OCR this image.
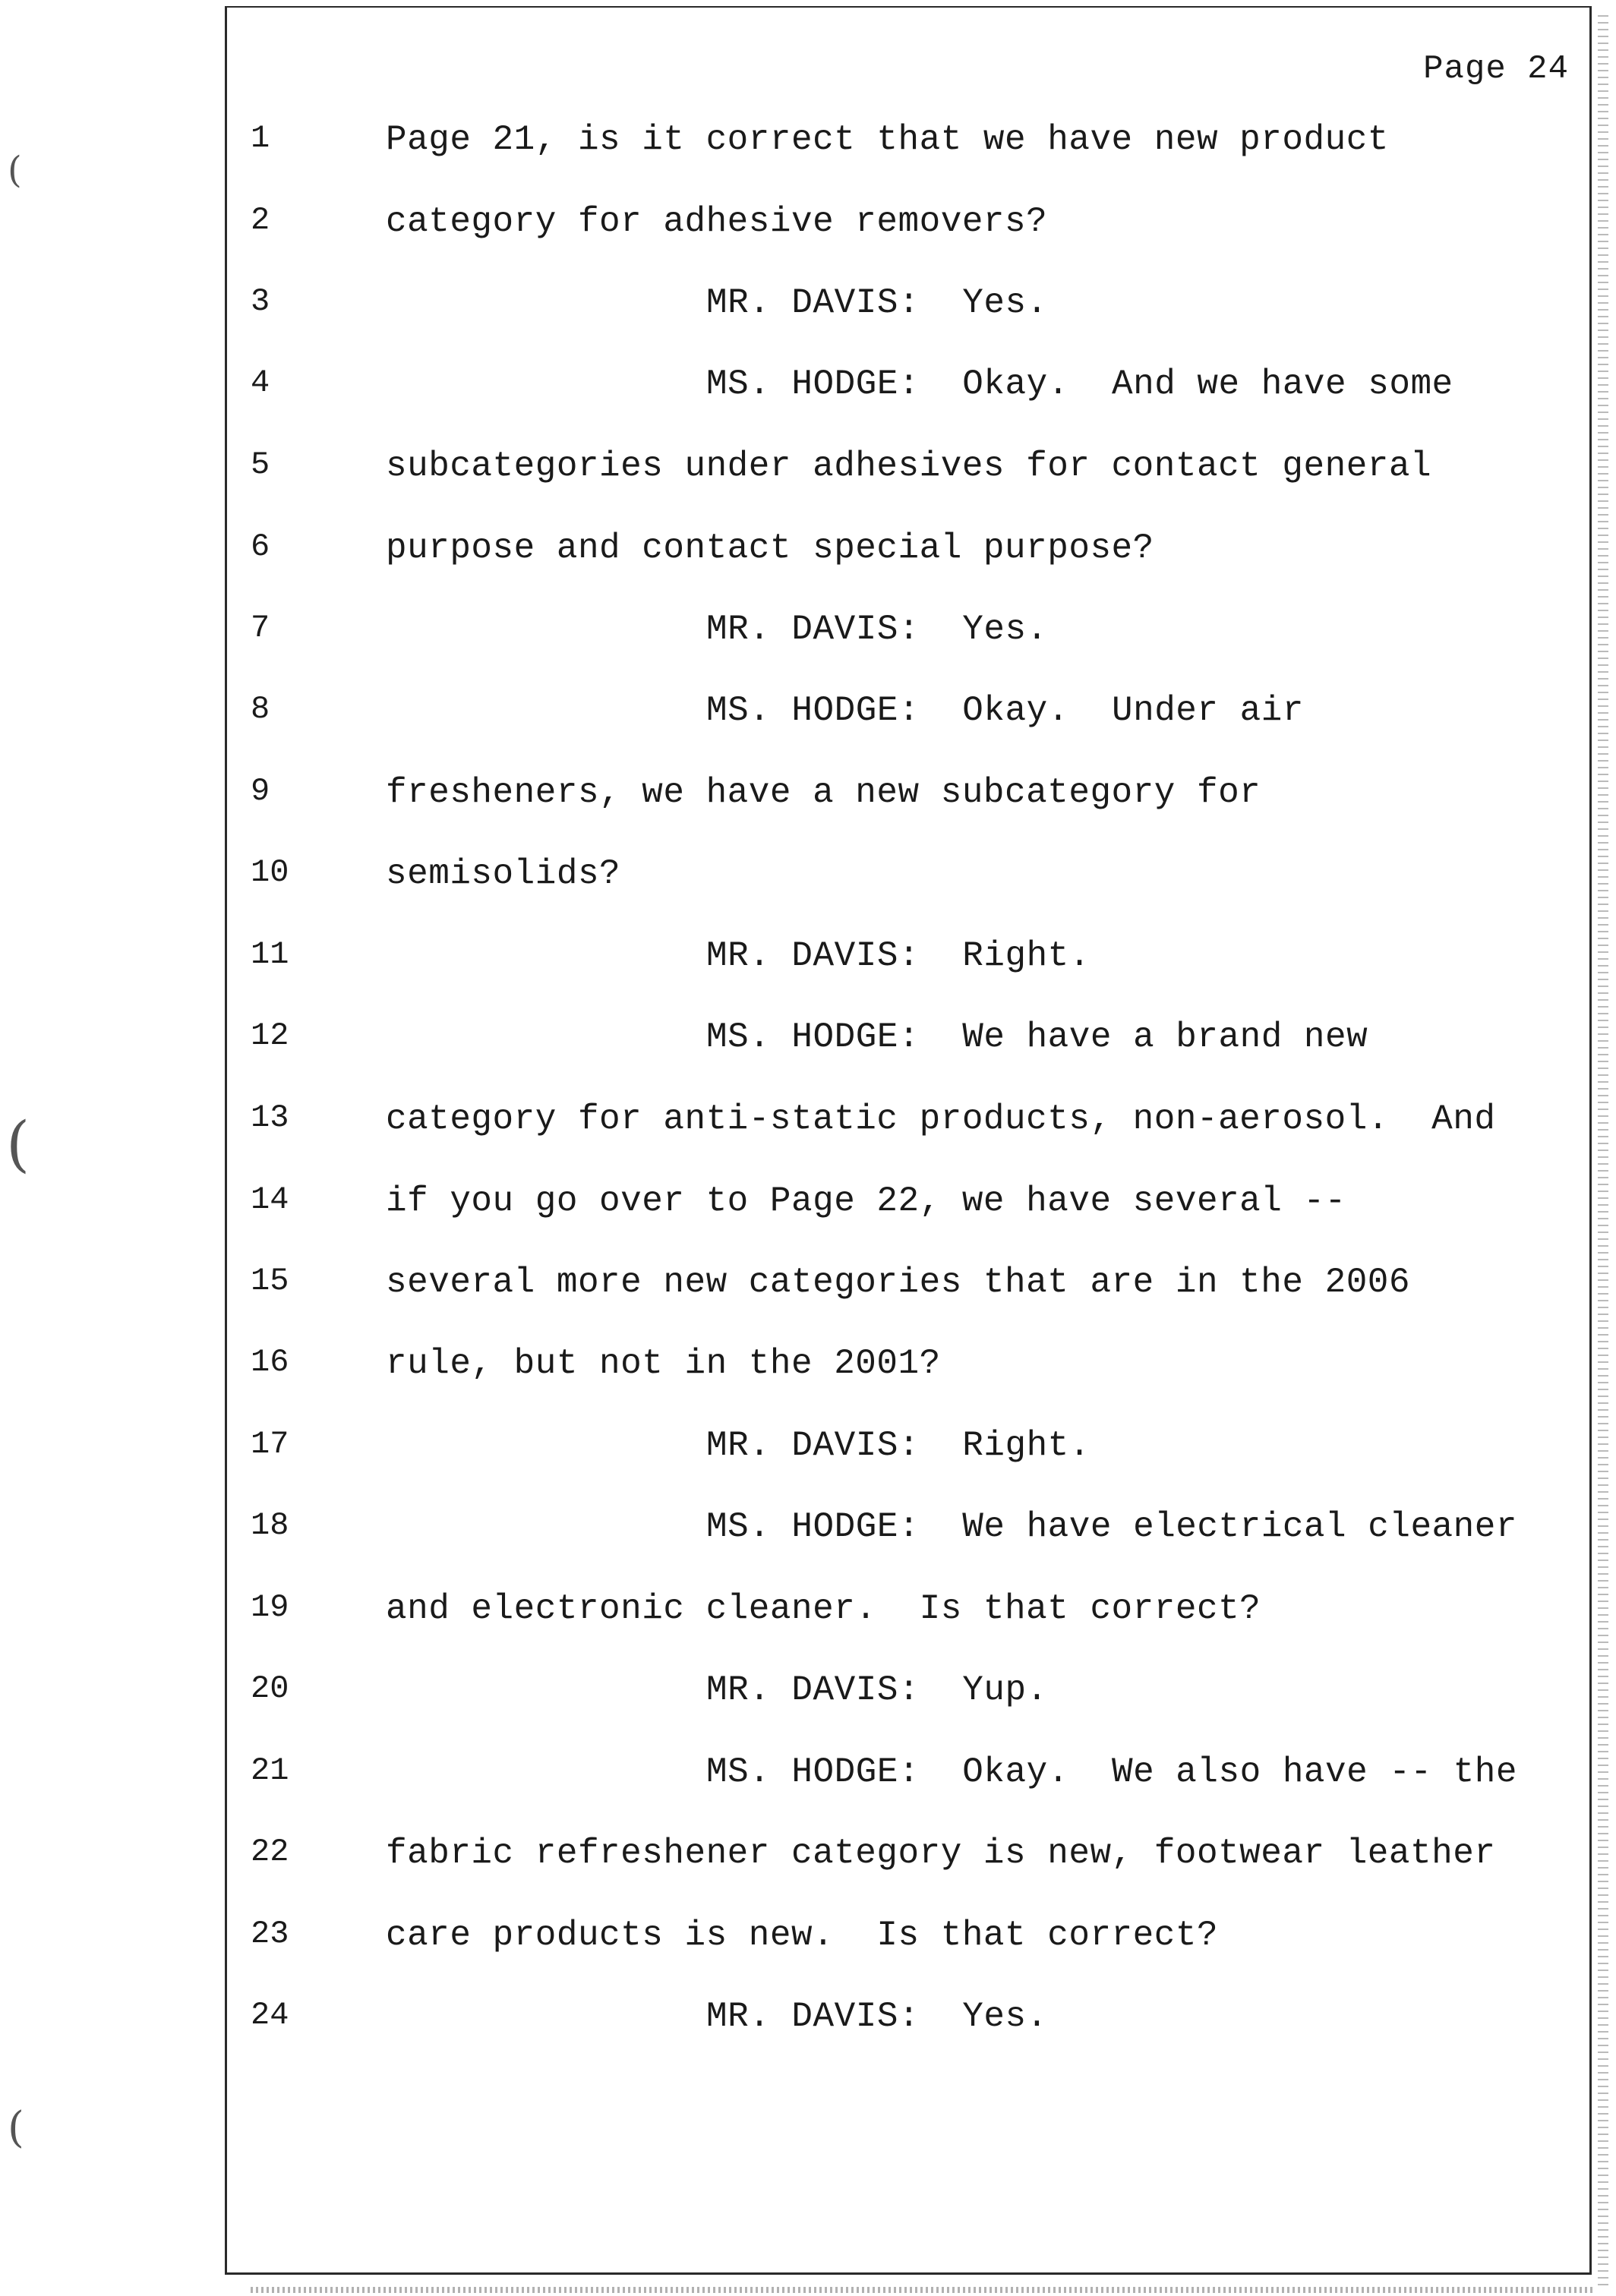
(
(
(
Page 24
1	Page 21, is it correct that we have new product
2	category for adhesive removers?
3	MR. DAVIS:  Yes.
4	MS. HODGE:  Okay.  And we have some
5	subcategories under adhesives for contact general
6	purpose and contact special purpose?
7	MR. DAVIS:  Yes.
8	MS. HODGE:  Okay.  Under air
9	fresheners, we have a new subcategory for
10	semisolids?
11	MR. DAVIS:  Right.
12	MS. HODGE:  We have a brand new
13	category for anti-static products, non-aerosol.  And
14	if you go over to Page 22, we have several --
15	several more new categories that are in the 2006
16	rule, but not in the 2001?
17	MR. DAVIS:  Right.
18	MS. HODGE:  We have electrical cleaner
19	and electronic cleaner.  Is that correct?
20	MR. DAVIS:  Yup.
21	MS. HODGE:  Okay.  We also have -- the
22	fabric refreshener category is new, footwear leather
23	care products is new.  Is that correct?
24	MR. DAVIS:  Yes.
